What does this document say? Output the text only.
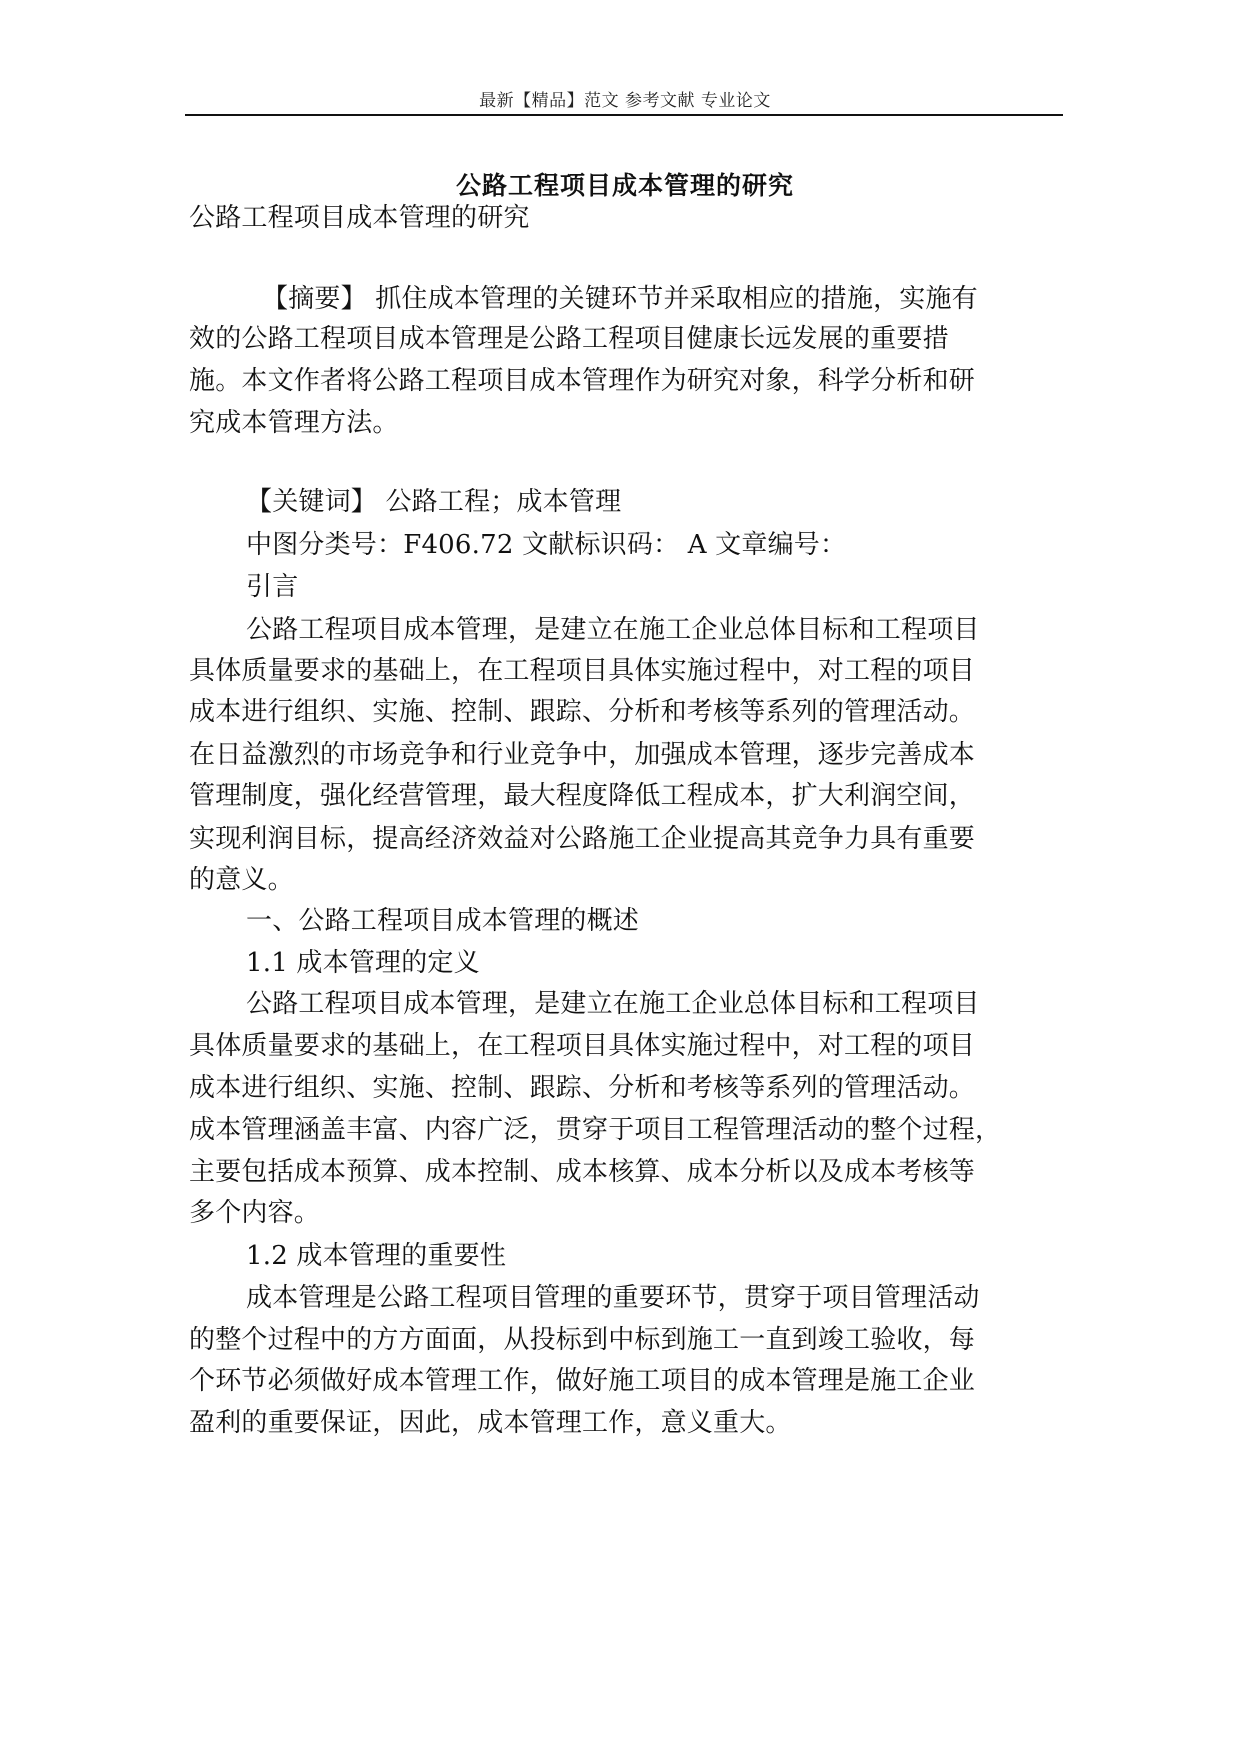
最新【精品】范文 参考文献 专业论文
公路工程项目成本管理的研究
公路工程项目成本管理的研究
【摘要】 抓住成本管理的关键环节并采取相应的措施，实施有
效的公路工程项目成本管理是公路工程项目健康长远发展的重要措
施。本文作者将公路工程项目成本管理作为研究对象，科学分析和研
究成本管理方法。
【关键词】 公路工程；成本管理
中图分类号：F406.72 文献标识码： A 文章编号：
引言
公路工程项目成本管理，是建立在施工企业总体目标和工程项目
具体质量要求的基础上，在工程项目具体实施过程中，对工程的项目
成本进行组织、实施、控制、跟踪、分析和考核等系列的管理活动。
在日益激烈的市场竞争和行业竞争中，加强成本管理，逐步完善成本
管理制度，强化经营管理，最大程度降低工程成本，扩大利润空间，
实现利润目标，提高经济效益对公路施工企业提高其竞争力具有重要
的意义。
一、公路工程项目成本管理的概述
1.1 成本管理的定义
公路工程项目成本管理，是建立在施工企业总体目标和工程项目
具体质量要求的基础上，在工程项目具体实施过程中，对工程的项目
成本进行组织、实施、控制、跟踪、分析和考核等系列的管理活动。
成本管理涵盖丰富、内容广泛，贯穿于项目工程管理活动的整个过程，
主要包括成本预算、成本控制、成本核算、成本分析以及成本考核等
多个内容。
1.2 成本管理的重要性
成本管理是公路工程项目管理的重要环节，贯穿于项目管理活动
的整个过程中的方方面面，从投标到中标到施工一直到竣工验收，每
个环节必须做好成本管理工作，做好施工项目的成本管理是施工企业
盈利的重要保证，因此，成本管理工作，意义重大。
